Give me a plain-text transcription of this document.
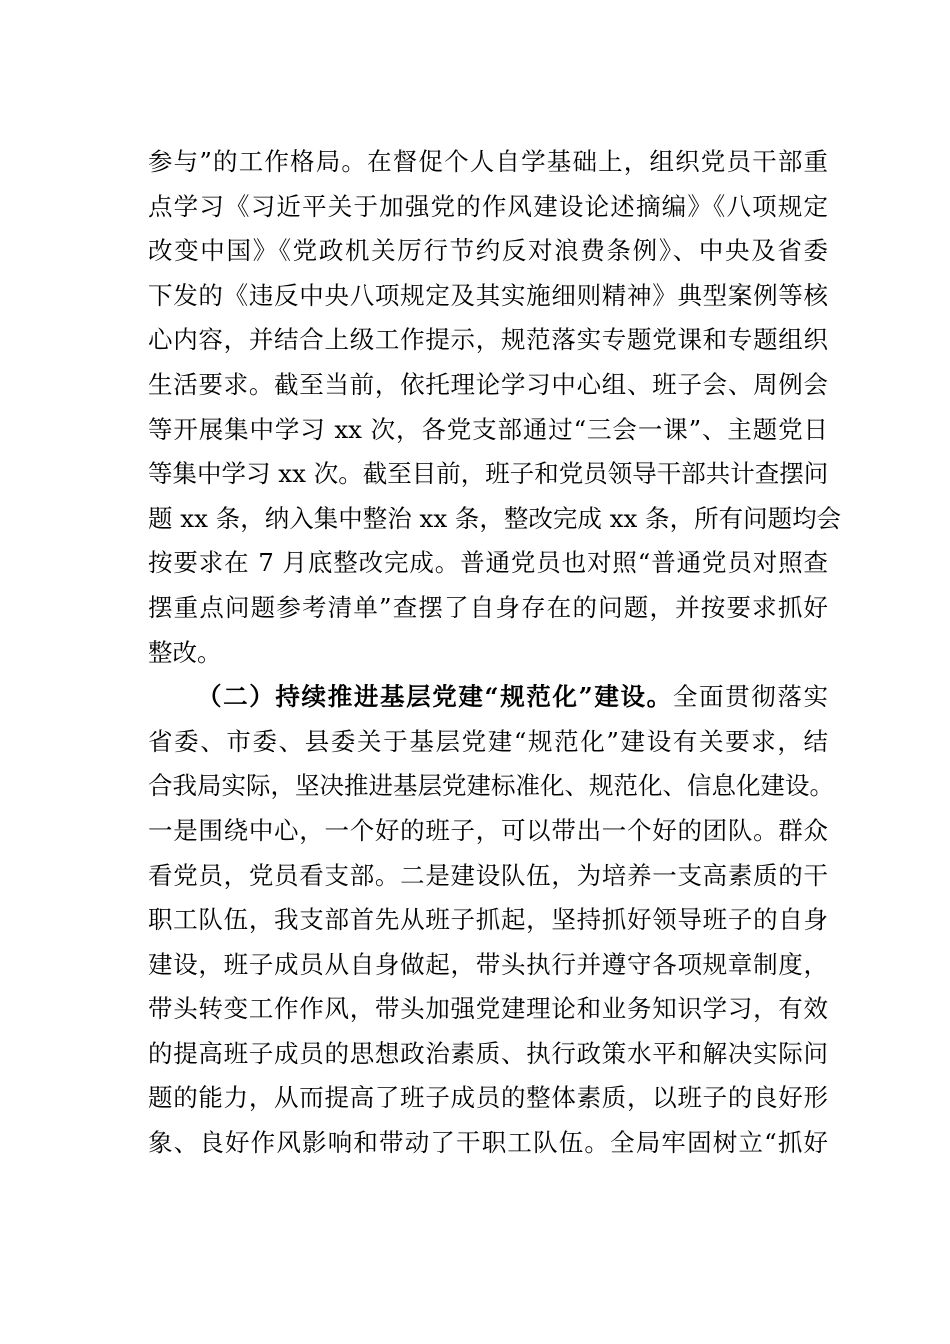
参与”的工作格局。在督促个人自学基础上，组织党员干部重
点学习《习近平关于加强党的作风建设论述摘编》《八项规定
改变中国》《党政机关厉行节约反对浪费条例》、中央及省委
下发的《违反中央八项规定及其实施细则精神》典型案例等核
心内容，并结合上级工作提示，规范落实专题党课和专题组织
生活要求。截至当前，依托理论学习中心组、班子会、周例会
等开展集中学习 xx 次，各党支部通过“三会一课”、主题党日
等集中学习 xx 次。截至目前，班子和党员领导干部共计查摆问
题 xx 条，纳入集中整治 xx 条，整改完成 xx 条，所有问题均会
按要求在 7 月底整改完成。普通党员也对照“普通党员对照查
摆重点问题参考清单”查摆了自身存在的问题，并按要求抓好
整改。
（二）持续推进基层党建“规范化”建设。全面贯彻落实
省委、市委、县委关于基层党建“规范化”建设有关要求，结
合我局实际，坚决推进基层党建标准化、规范化、信息化建设。
一是围绕中心，一个好的班子，可以带出一个好的团队。群众
看党员，党员看支部。二是建设队伍，为培养一支高素质的干
职工队伍，我支部首先从班子抓起，坚持抓好领导班子的自身
建设，班子成员从自身做起，带头执行并遵守各项规章制度，
带头转变工作作风，带头加强党建理论和业务知识学习，有效
的提高班子成员的思想政治素质、执行政策水平和解决实际问
题的能力，从而提高了班子成员的整体素质，以班子的良好形
象、良好作风影响和带动了干职工队伍。全局牢固树立“抓好
